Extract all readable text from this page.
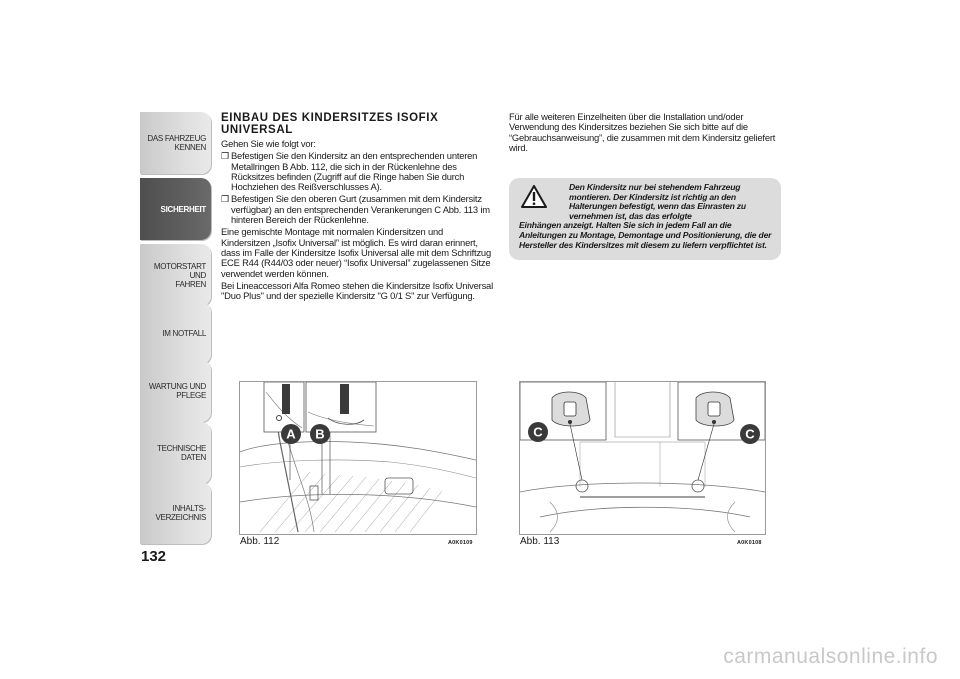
DAS FAHRZEUG
KENNEN
SICHERHEIT
MOTORSTART UND
FAHREN
IM NOTFALL
WARTUNG UND
PFLEGE
TECHNISCHE DATEN
INHALTS-
VERZEICHNIS
132
EINBAU DES KINDERSITZES ISOFIX UNIVERSAL

Gehen Sie wie folgt vor:

❒ Befestigen Sie den Kindersitz an den entsprechenden unteren Metallringen B Abb. 112, die sich in der Rückenlehne des Rücksitzes befinden (Zugriff auf die Ringe haben Sie durch Hochziehen des Reißverschlusses A).
❒ Befestigen Sie den oberen Gurt (zusammen mit dem Kindersitz verfügbar) an den entsprechenden Verankerungen C Abb. 113 im hinteren Bereich der Rückenlehne.

Eine gemischte Montage mit normalen Kindersitzen und Kindersitzen „Isofix Universal” ist möglich. Es wird daran erinnert, dass im Falle der Kindersitze Isofix Universal alle mit dem Schriftzug ECE R44 (R44/03 oder neuer) “Isofix Universal” zugelassenen Sitze verwendet werden können.

Bei Lineaccessori Alfa Romeo stehen die Kindersitze Isofix Universal "Duo Plus" und der spezielle Kindersitz "G 0/1 S" zur Verfügung.

Für alle weiteren Einzelheiten über die Installation und/oder Verwendung des Kindersitzes beziehen Sie sich bitte auf die “Gebrauchsanweisung”, die zusammen mit dem Kindersitz geliefert wird.

Den Kindersitz nur bei stehendem Fahrzeug montieren. Der Kindersitz ist richtig an den Halterungen befestigt, wenn das Einrasten zu vernehmen ist, das das erfolgte
Einhängen anzeigt. Halten Sie sich in jedem Fall an die Anleitungen zu Montage, Demontage und Positionierung, die der Hersteller des Kindersitzes mit diesem zu liefern verpflichtet ist.

A B
Abb. 112	A0K0109
C	C
Abb. 113	A0K0108
carmanualsonline.info
